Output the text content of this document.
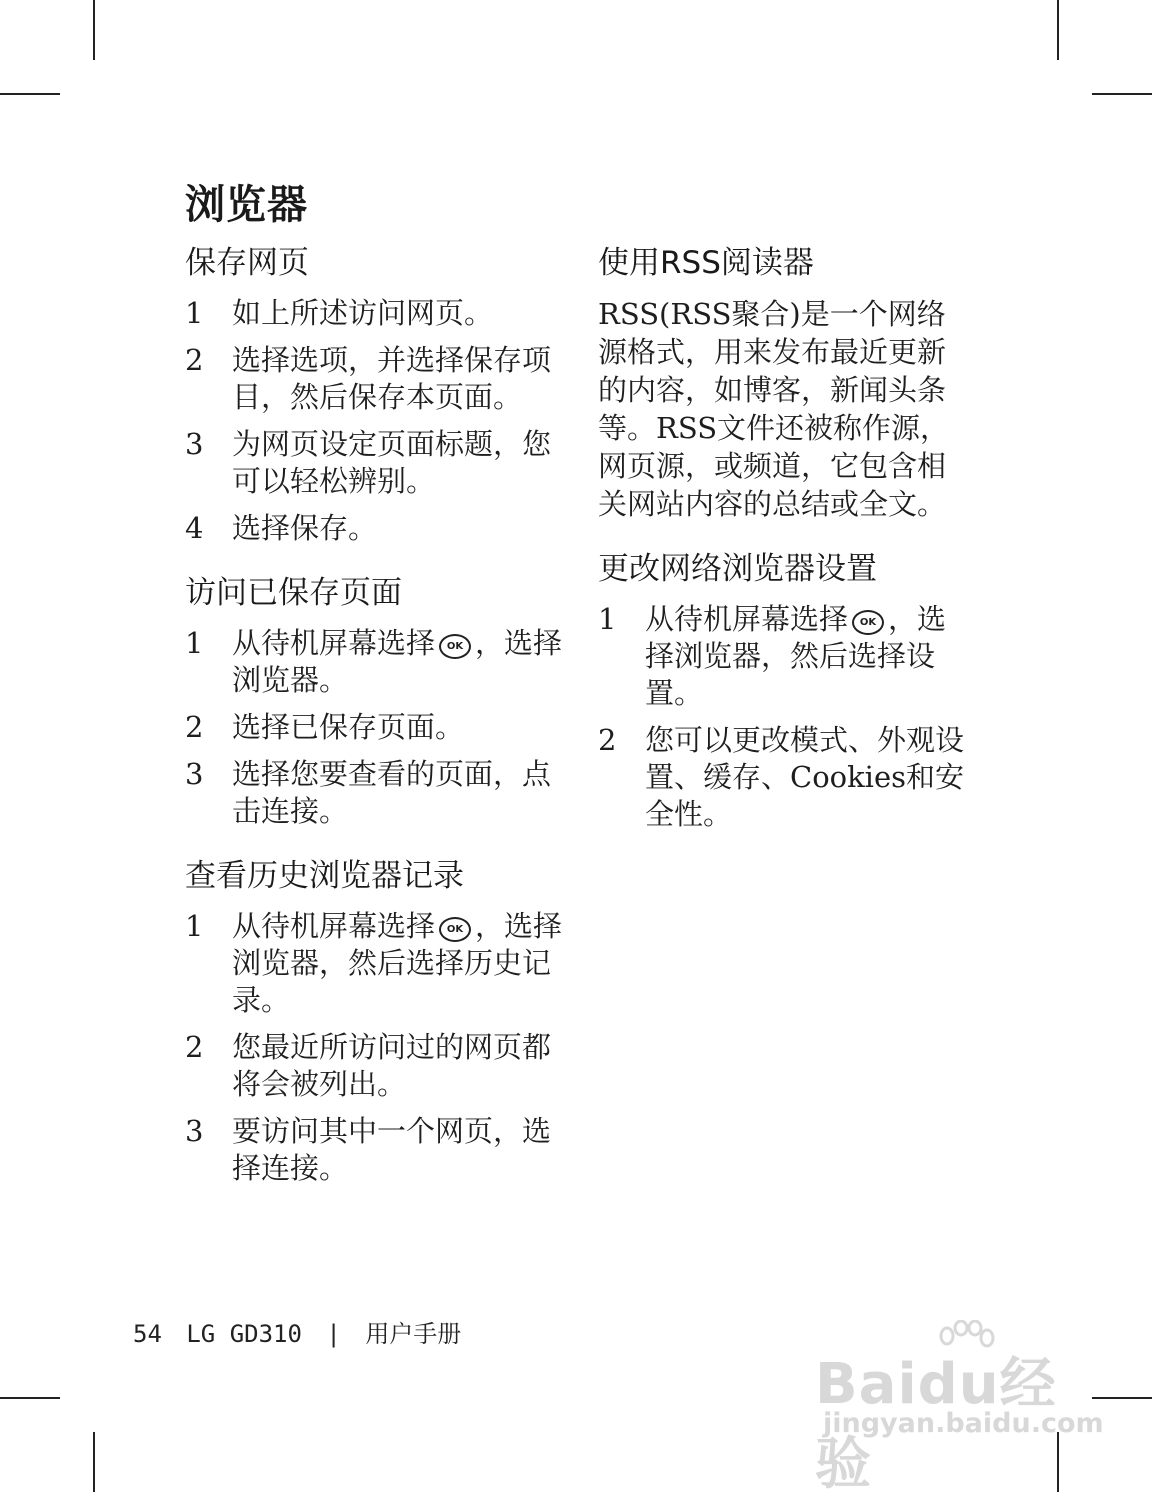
浏览器
保存网页
1 如上所述访问网页。
2 选择选项，并选择保存项目，然后保存本页面。
3 为网页设定页面标题，您可以轻松辨别。
4 选择保存。
访问已保存页面
1 从待机屏幕选择 OK ，选择浏览器。
2 选择已保存页面。
3 选择您要查看的页面，点击连接。
查看历史浏览器记录
1 从待机屏幕选择 OK ，选择浏览器，然后选择历史记录。
2 您最近所访问过的网页都将会被列出。
3 要访问其中一个网页，选择连接。
使用RSS阅读器

RSS(RSS聚合)是一个网络源格式，用来发布最近更新的内容，如博客，新闻头条等。RSS文件还被称作源，网页源，或频道，它包含相关网站内容的总结或全文。

更改网络浏览器设置
1 从待机屏幕选择 OK ，选择浏览器，然后选择设置。
2 您可以更改模式、外观设置、缓存、Cookies和安全性。
54 LG GD310 | 用户手册
Baidu经验
jingyan.baidu.com
